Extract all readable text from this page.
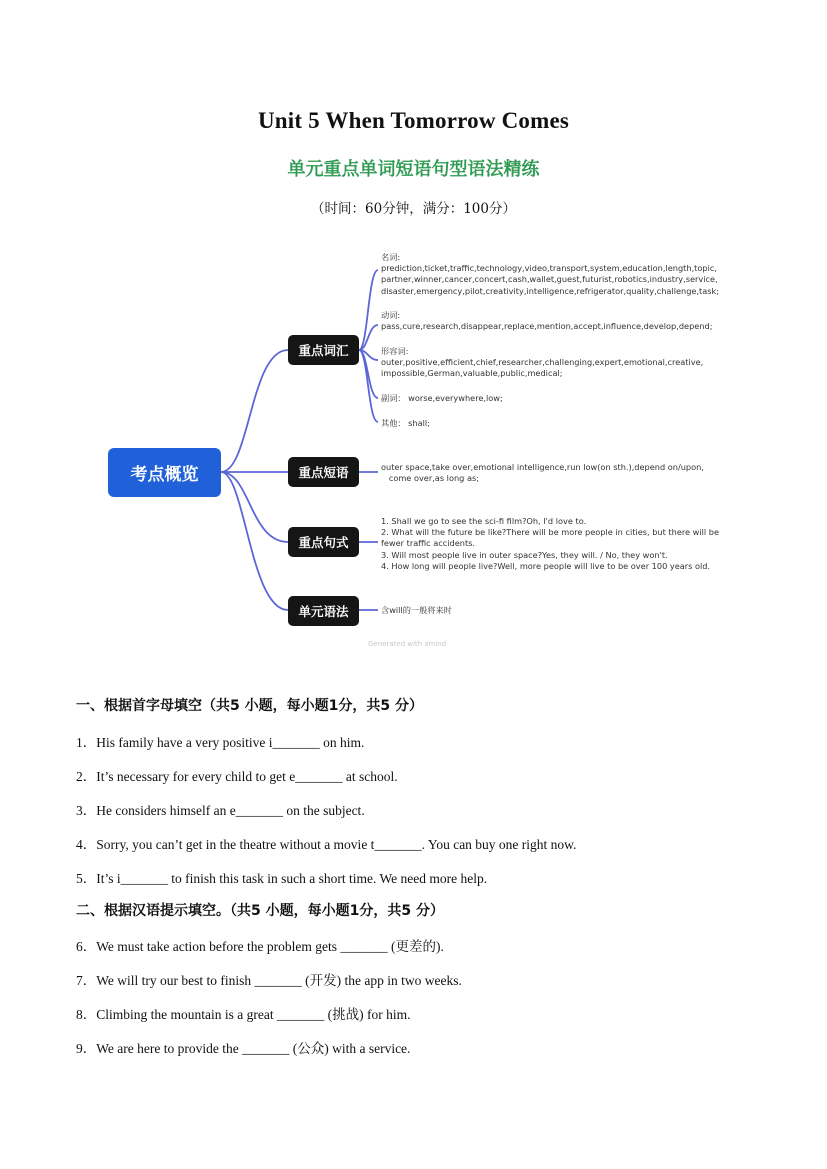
Unit 5 When Tomorrow Comes
单元重点单词短语句型语法精练
（时间：60分钟，满分：100分）
考点概览
重点词汇
重点短语
重点句式
单元语法
名词:
prediction,ticket,traffic,technology,video,transport,system,education,length,topic,
partner,winner,cancer,concert,cash,wallet,guest,futurist,robotics,industry,service,
disaster,emergency,pilot,creativity,intelligence,refrigerator,quality,challenge,task;
动词:
pass,cure,research,disappear,replace,mention,accept,influence,develop,depend;
形容词:
outer,positive,efficient,chief,researcher,challenging,expert,emotional,creative,
impossible,German,valuable,public,medical;
副词： worse,everywhere,low;
其他： shall;
outer space,take over,emotional intelligence,run low(on sth.),depend on/upon,
come over,as long as;
1. Shall we go to see the sci-fi film?Oh, I'd love to.
2. What will the future be like?There will be more people in cities, but there will be
fewer traffic accidents.
3. Will most people live in outer space?Yes, they will. / No, they won't.
4. How long will people live?Well, more people will live to be over 100 years old.
含will的一般将来时
Generated with xmind
一、根据首字母填空（共5 小题，每小题1分，共5 分）
1．His family have a very positive i_______ on him.
2．It’s necessary for every child to get e_______ at school.
3．He considers himself an e_______ on the subject.
4．Sorry, you can’t get in the theatre without a movie t_______. You can buy one right now.
5．It’s i_______ to finish this task in such a short time. We need more help.
二、根据汉语提示填空。（共5 小题，每小题1分，共5 分）
6．We must take action before the problem gets _______ (更差的).
7．We will try our best to finish _______ (开发) the app in two weeks.
8．Climbing the mountain is a great _______ (挑战) for him.
9．We are here to provide the _______ (公众) with a service.
